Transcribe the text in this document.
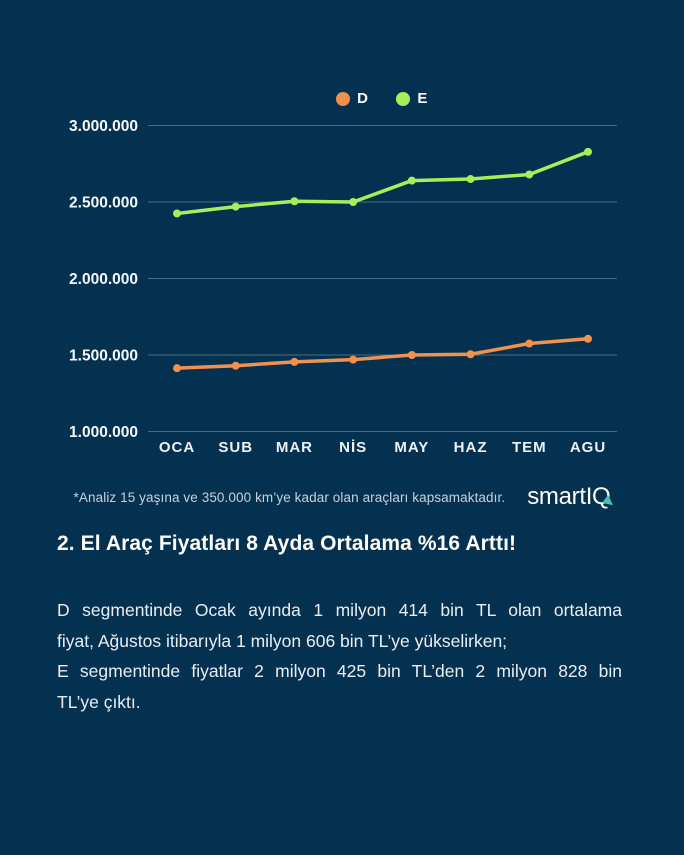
D	E
3.000.000
2.500.000
2.000.000
1.500.000
1.000.000
OCA SUB MAR NİS MAY HAZ TEM AGU
*Analiz 15 yaşına ve 350.000 km’ye kadar olan araçları kapsamaktadır. smartIQ
2. El Araç Fiyatları 8 Ayda Ortalama %16 Arttı!
D segmentinde Ocak ayında 1 milyon 414 bin TL olan ortalama
fiyat, Ağustos itibarıyla 1 milyon 606 bin TL’ye yükselirken;
E segmentinde fiyatlar 2 milyon 425 bin TL’den 2 milyon 828 bin
TL’ye çıktı.
